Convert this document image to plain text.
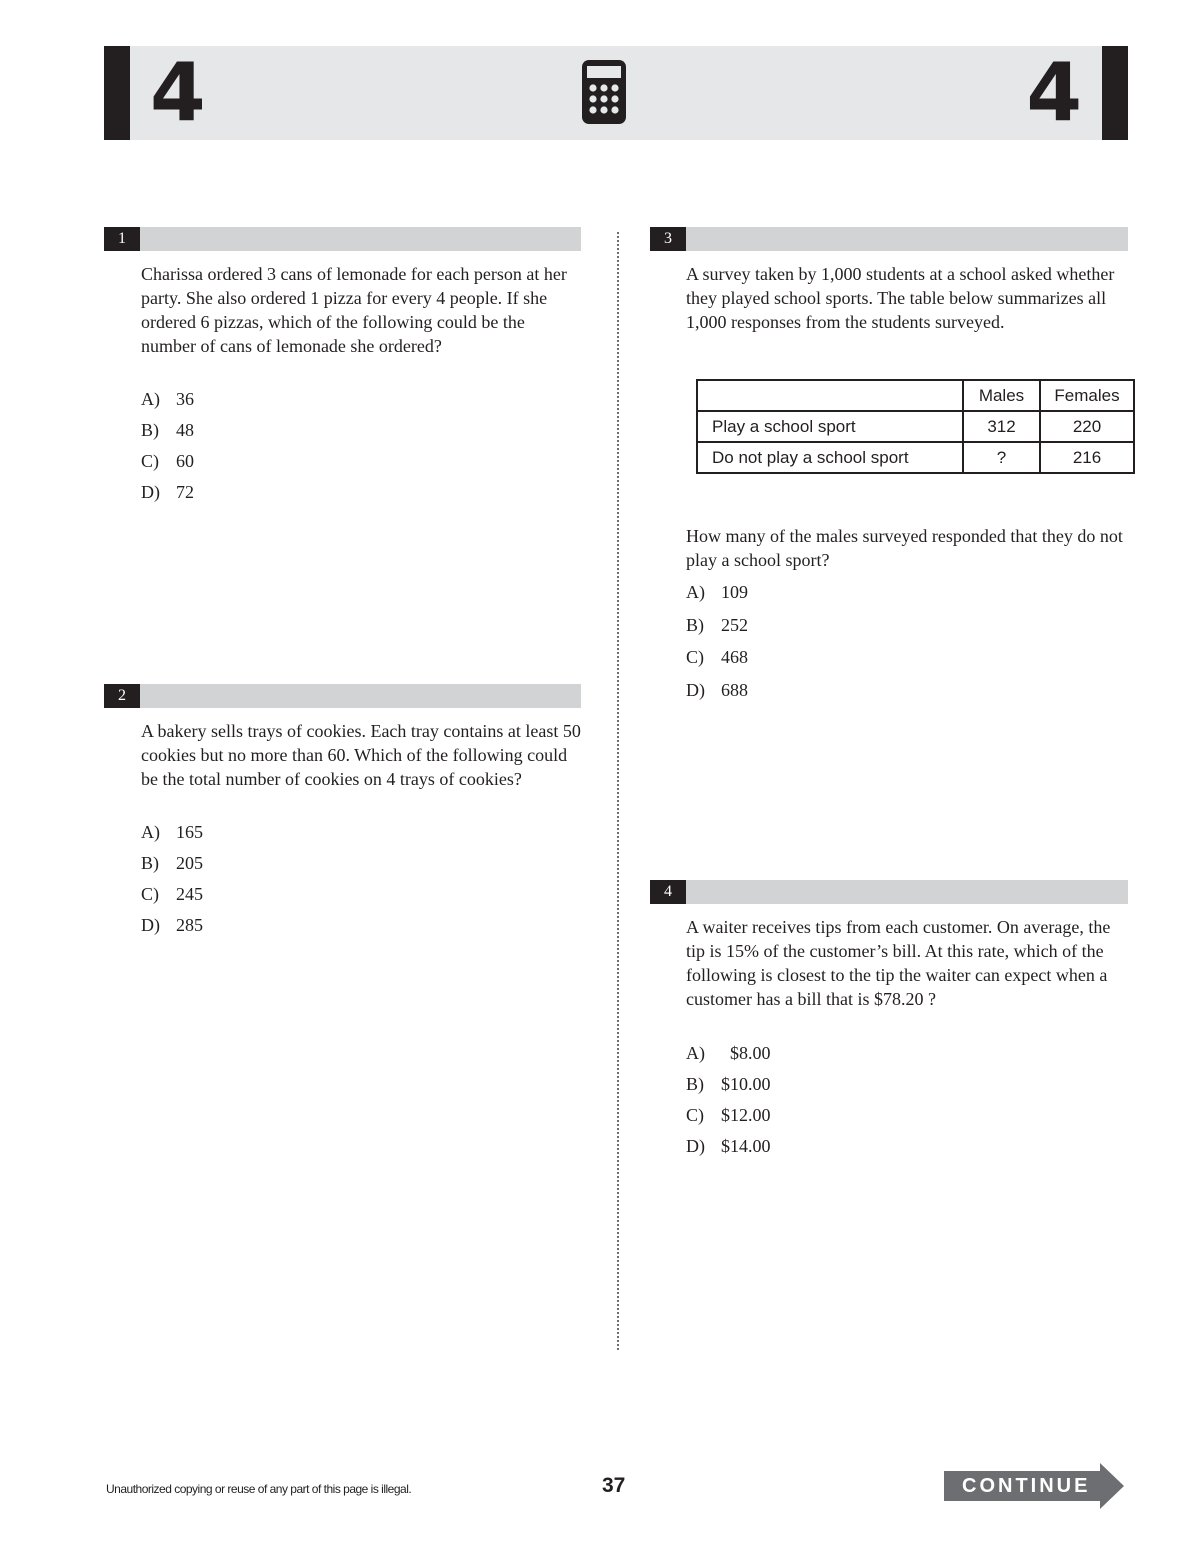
4	4
1
Charissa ordered 3 cans of lemonade for each person at her party. She also ordered 1 pizza for every 4 people. If she ordered 6 pizzas, which of the following could be the number of cans of lemonade she ordered?
A) 36
B) 48
C) 60
D) 72
2
A bakery sells trays of cookies. Each tray contains at least 50 cookies but no more than 60. Which of the following could be the total number of cookies on 4 trays of cookies?
A) 165
B) 205
C) 245
D) 285
3
A survey taken by 1,000 students at a school asked whether they played school sports. The table below summarizes all 1,000 responses from the students surveyed.
	Males	Females
Play a school sport	312	220
Do not play a school sport	?	216
How many of the males surveyed responded that they do not play a school sport?
A) 109
B) 252
C) 468
D) 688
4
A waiter receives tips from each customer. On average, the tip is 15% of the customer’s bill. At this rate, which of the following is closest to the tip the waiter can expect when a customer has a bill that is $78.20 ?
A)  $8.00
B) $10.00
C) $12.00
D) $14.00
Unauthorized copying or reuse of any part of this page is illegal.	37	CONTINUE
